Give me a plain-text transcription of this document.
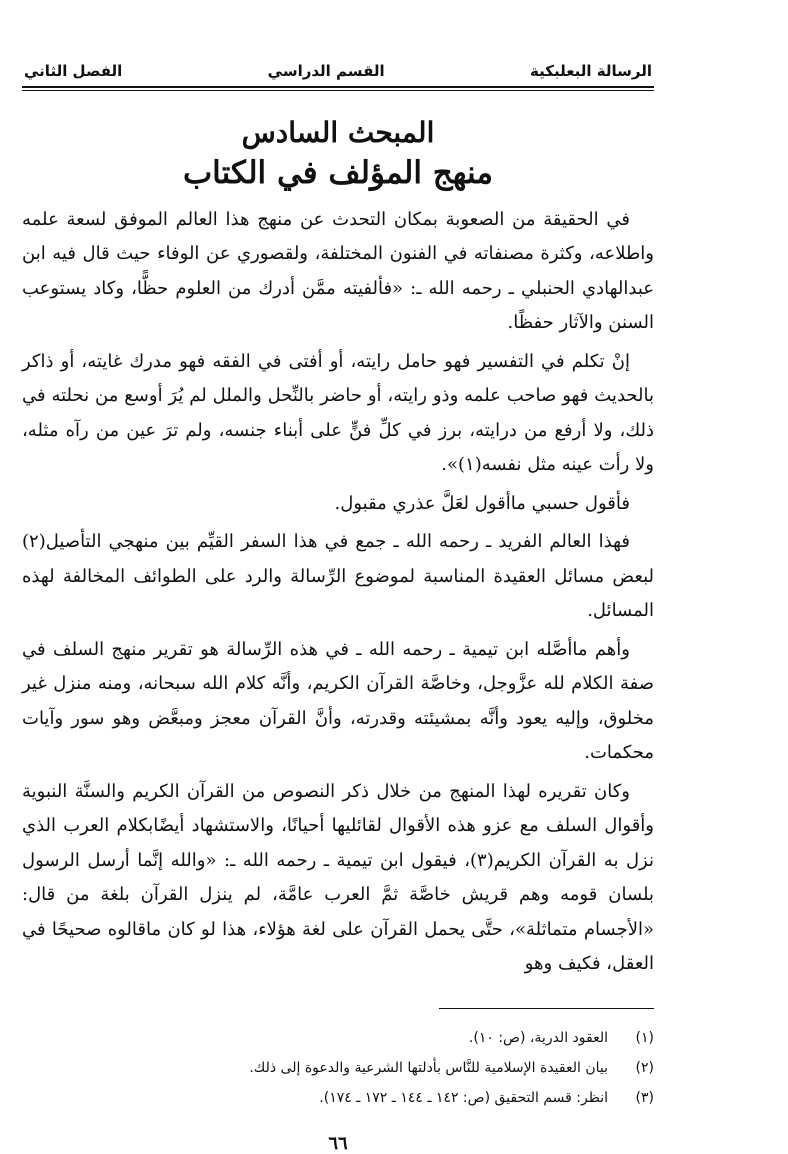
الرسالة البعلبكية
القسم الدراسي
الفصل الثاني
المبحث السادس
منهج المؤلف في الكتاب

في الحقيقة من الصعوبة بمكان التحدث عن منهج هذا العالم الموفق لسعة علمه واطلاعه، وكثرة مصنفاته في الفنون المختلفة، ولقصوري عن الوفاء حيث قال فيه ابن عبدالهادي الحنبلي ـ رحمه الله ـ: «فألفيته ممَّن أدرك من العلوم حظًّا، وكاد يستوعب السنن والآثار حفظًا.

إنْ تكلم في التفسير فهو حامل رايته، أو أفتى في الفقه فهو مدرك غايته، أو ذاكر بالحديث فهو صاحب علمه وذو رايته، أو حاضر بالنِّحل والملل لم يُرَ أوسع من نحلته في ذلك، ولا أرفع من درايته، برز في كلِّ فنٍّ على أبناء جنسه، ولم ترَ عين من رآه مثله، ولا رأت عينه مثل نفسه(١)».

فأقول حسبي ماأقول لعَلَّ عذري مقبول.

فهذا العالم الفريد ـ رحمه الله ـ جمع في هذا السفر القيِّم بين منهجي التأصيل(٢) لبعض مسائل العقيدة المناسبة لموضوع الرِّسالة والرد على الطوائف المخالفة لهذه المسائل.

وأهم ماأصَّله ابن تيمية ـ رحمه الله ـ في هذه الرِّسالة هو تقرير منهج السلف في صفة الكلام لله عزَّوجل، وخاصَّة القرآن الكريم، وأنَّه كلام الله سبحانه، ومنه منزل غير مخلوق، وإليه يعود وأنَّه بمشيئته وقدرته، وأنَّ القرآن معجز ومبعَّض وهو سور وآيات محكمات.

وكان تقريره لهذا المنهج من خلال ذكر النصوص من القرآن الكريم والسنَّة النبوية وأقوال السلف مع عزو هذه الأقوال لقائليها أحيانًا، والاستشهاد أيضًابكلام العرب الذي نزل به القرآن الكريم(٣)، فيقول ابن تيمية ـ رحمه الله ـ: «والله إنَّما أرسل الرسول بلسان قومه وهم قريش خاصَّة ثمَّ العرب عامَّة، لم ينزل القرآن بلغة من قال: «الأجسام متماثلة»، حتَّى يحمل القرآن على لغة هؤلاء، هذا لو كان ماقالوه صحيحًا في العقل، فكيف وهو

(١)
العقود الدرية، (ص: ١٠).
(٢)
بيان العقيدة الإسلامية للنَّاس بأدلتها الشرعية والدعوة إلى ذلك.
(٣)
انظر: قسم التحقيق (ص: ١٤٢ ـ ١٤٤ ـ ١٧٢ ـ ١٧٤).
٦٦
